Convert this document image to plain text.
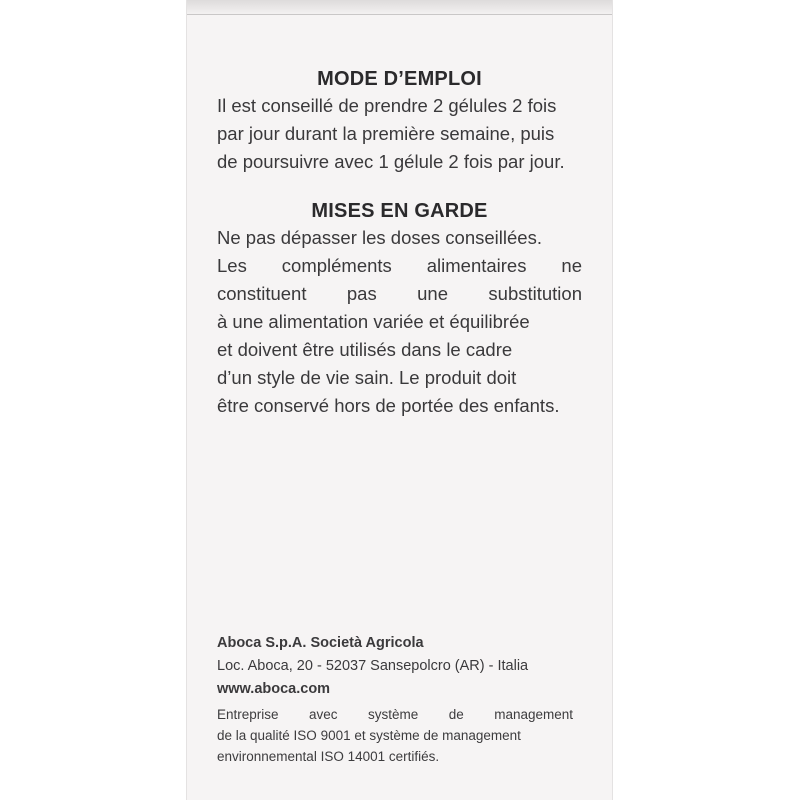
MODE D’EMPLOI
Il est conseillé de prendre 2 gélules 2 fois
par jour durant la première semaine, puis
de poursuivre avec 1 gélule 2 fois par jour.
MISES EN GARDE
Ne pas dépasser les doses conseillées.
Les compléments alimentaires ne
constituent pas une substitution
à une alimentation variée et équilibrée
et doivent être utilisés dans le cadre
d’un style de vie sain. Le produit doit
être conservé hors de portée des enfants.
Aboca S.p.A. Società Agricola
Loc. Aboca, 20 - 52037 Sansepolcro (AR) - Italia
www.aboca.com
Entreprise avec système de management
de la qualité ISO 9001 et système de management
environnemental ISO 14001 certifiés.
